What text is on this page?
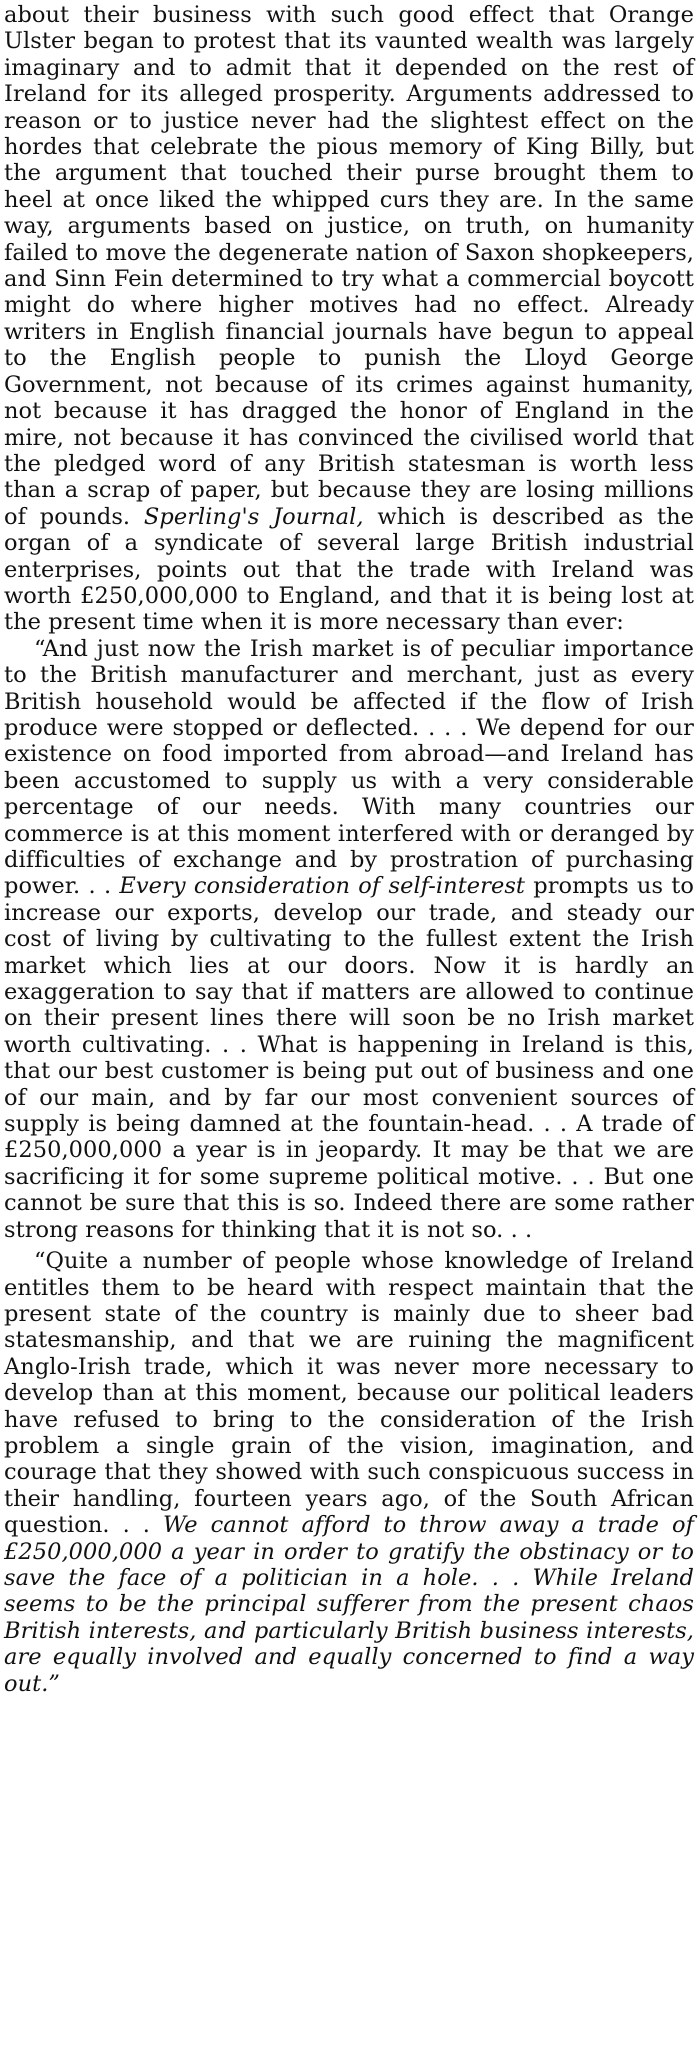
about their business with such good effect that Orange Ulster began to protest that its vaunted wealth was largely imaginary and to admit that it depended on the rest of Ireland for its alleged prosperity. Arguments addressed to reason or to justice never had the slightest effect on the hordes that celebrate the pious memory of King Billy, but the argument that touched their purse brought them to heel at once liked the whipped curs they are. In the same way, arguments based on justice, on truth, on humanity failed to move the degenerate nation of Saxon shopkeepers, and Sinn Fein determined to try what a commercial boycott might do where higher motives had no effect. Already writers in English financial journals have begun to appeal to the English people to punish the Lloyd George Government, not because of its crimes against humanity, not because it has dragged the honor of England in the mire, not because it has convinced the civilised world that the pledged word of any British statesman is worth less than a scrap of paper, but because they are losing millions of pounds. Sperling's Journal, which is described as the organ of a syndicate of several large British industrial enterprises, points out that the trade with Ireland was worth £250,000,000 to England, and that it is being lost at the present time when it is more necessary than ever:

“And just now the Irish market is of peculiar importance to the British manufacturer and merchant, just as every British household would be affected if the flow of Irish produce were stopped or deflected. . . . We depend for our existence on food imported from abroad—and Ireland has been accustomed to supply us with a very considerable percentage of our needs. With many countries our commerce is at this moment interfered with or deranged by difficulties of exchange and by prostration of purchasing power. . . Every consideration of self-interest prompts us to increase our exports, develop our trade, and steady our cost of living by cultivating to the fullest extent the Irish market which lies at our doors. Now it is hardly an exaggeration to say that if matters are allowed to continue on their present lines there will soon be no Irish market worth cultivating. . . What is happening in Ireland is this, that our best customer is being put out of business and one of our main, and by far our most convenient sources of supply is being damned at the fountain-head. . . A trade of £250,000,000 a year is in jeopardy. It may be that we are sacrificing it for some supreme political motive. . . But one cannot be sure that this is so. Indeed there are some rather strong reasons for thinking that it is not so. . .

“Quite a number of people whose knowledge of Ireland entitles them to be heard with respect maintain that the present state of the country is mainly due to sheer bad statesmanship, and that we are ruining the magnificent Anglo-Irish trade, which it was never more necessary to develop than at this moment, because our political leaders have refused to bring to the consideration of the Irish problem a single grain of the vision, imagination, and courage that they showed with such conspicuous success in their handling, fourteen years ago, of the South African question. . . We cannot afford to throw away a trade of £250,000,000 a year in order to gratify the obstinacy or to save the face of a politician in a hole. . . While Ireland seems to be the principal sufferer from the present chaos British interests, and particularly British business interests, are equally involved and equally concerned to find a way out.”
